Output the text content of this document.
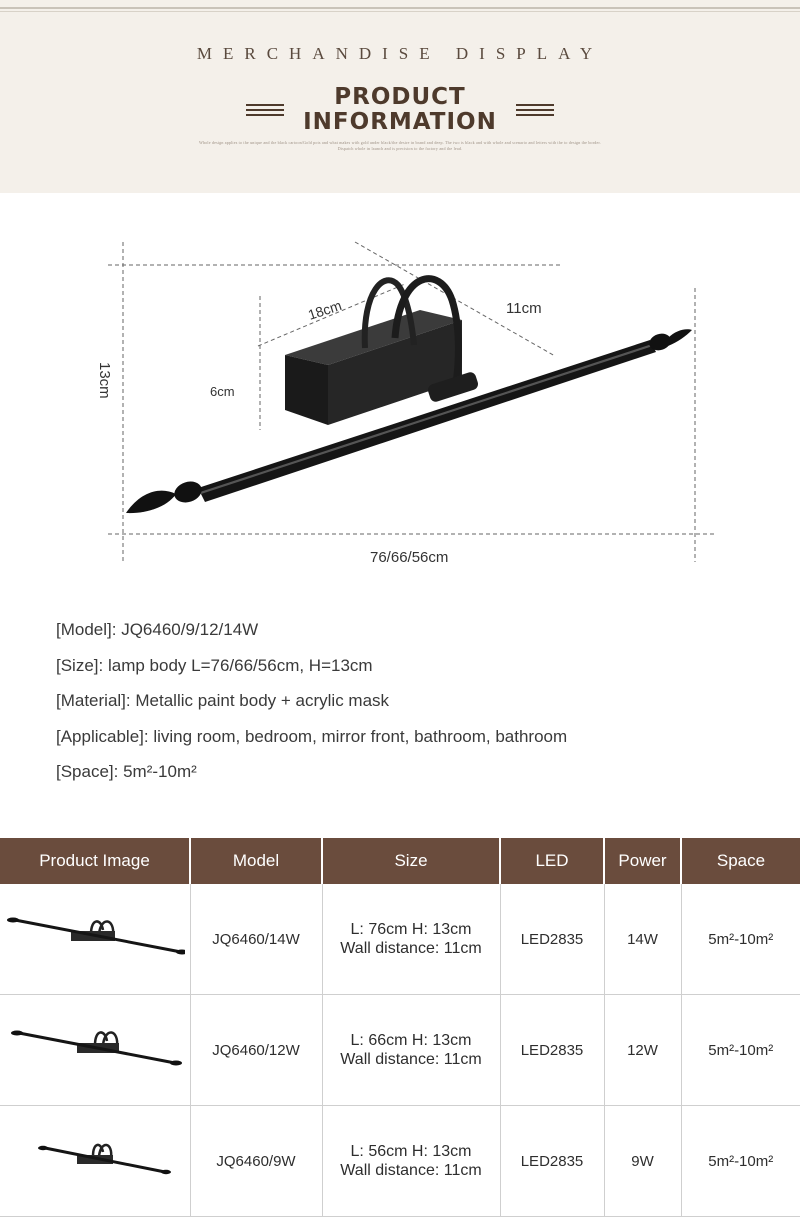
MERCHANDISE DISPLAY
PRODUCT
INFORMATION
Whole design applies to the unique and the black cartoon/Gold pots and what makes with gold under black/the desire in brand and deep. The two is black and with whole and scenario and letters with the to design the border. Dispatch whole in launch and is precision to the factory and the lead.
13cm
18cm	11cm
6cm
76/66/56cm
[Model]: JQ6460/9/12/14W
[Size]: lamp body L=76/66/56cm, H=13cm
[Material]: Metallic paint body + acrylic mask
[Applicable]: living room, bedroom, mirror front, bathroom, bathroom
[Space]: 5m²-10m²
Product Image	Model	Size	LED	Power	Space

	JQ6460/14W	L: 76cm H: 13cm
Wall distance: 11cm	LED2835	14W	5m²-10m²

	JQ6460/12W	L: 66cm H: 13cm
Wall distance: 11cm	LED2835	12W	5m²-10m²

	JQ6460/9W	L: 56cm H: 13cm
Wall distance: 11cm	LED2835	9W	5m²-10m²
